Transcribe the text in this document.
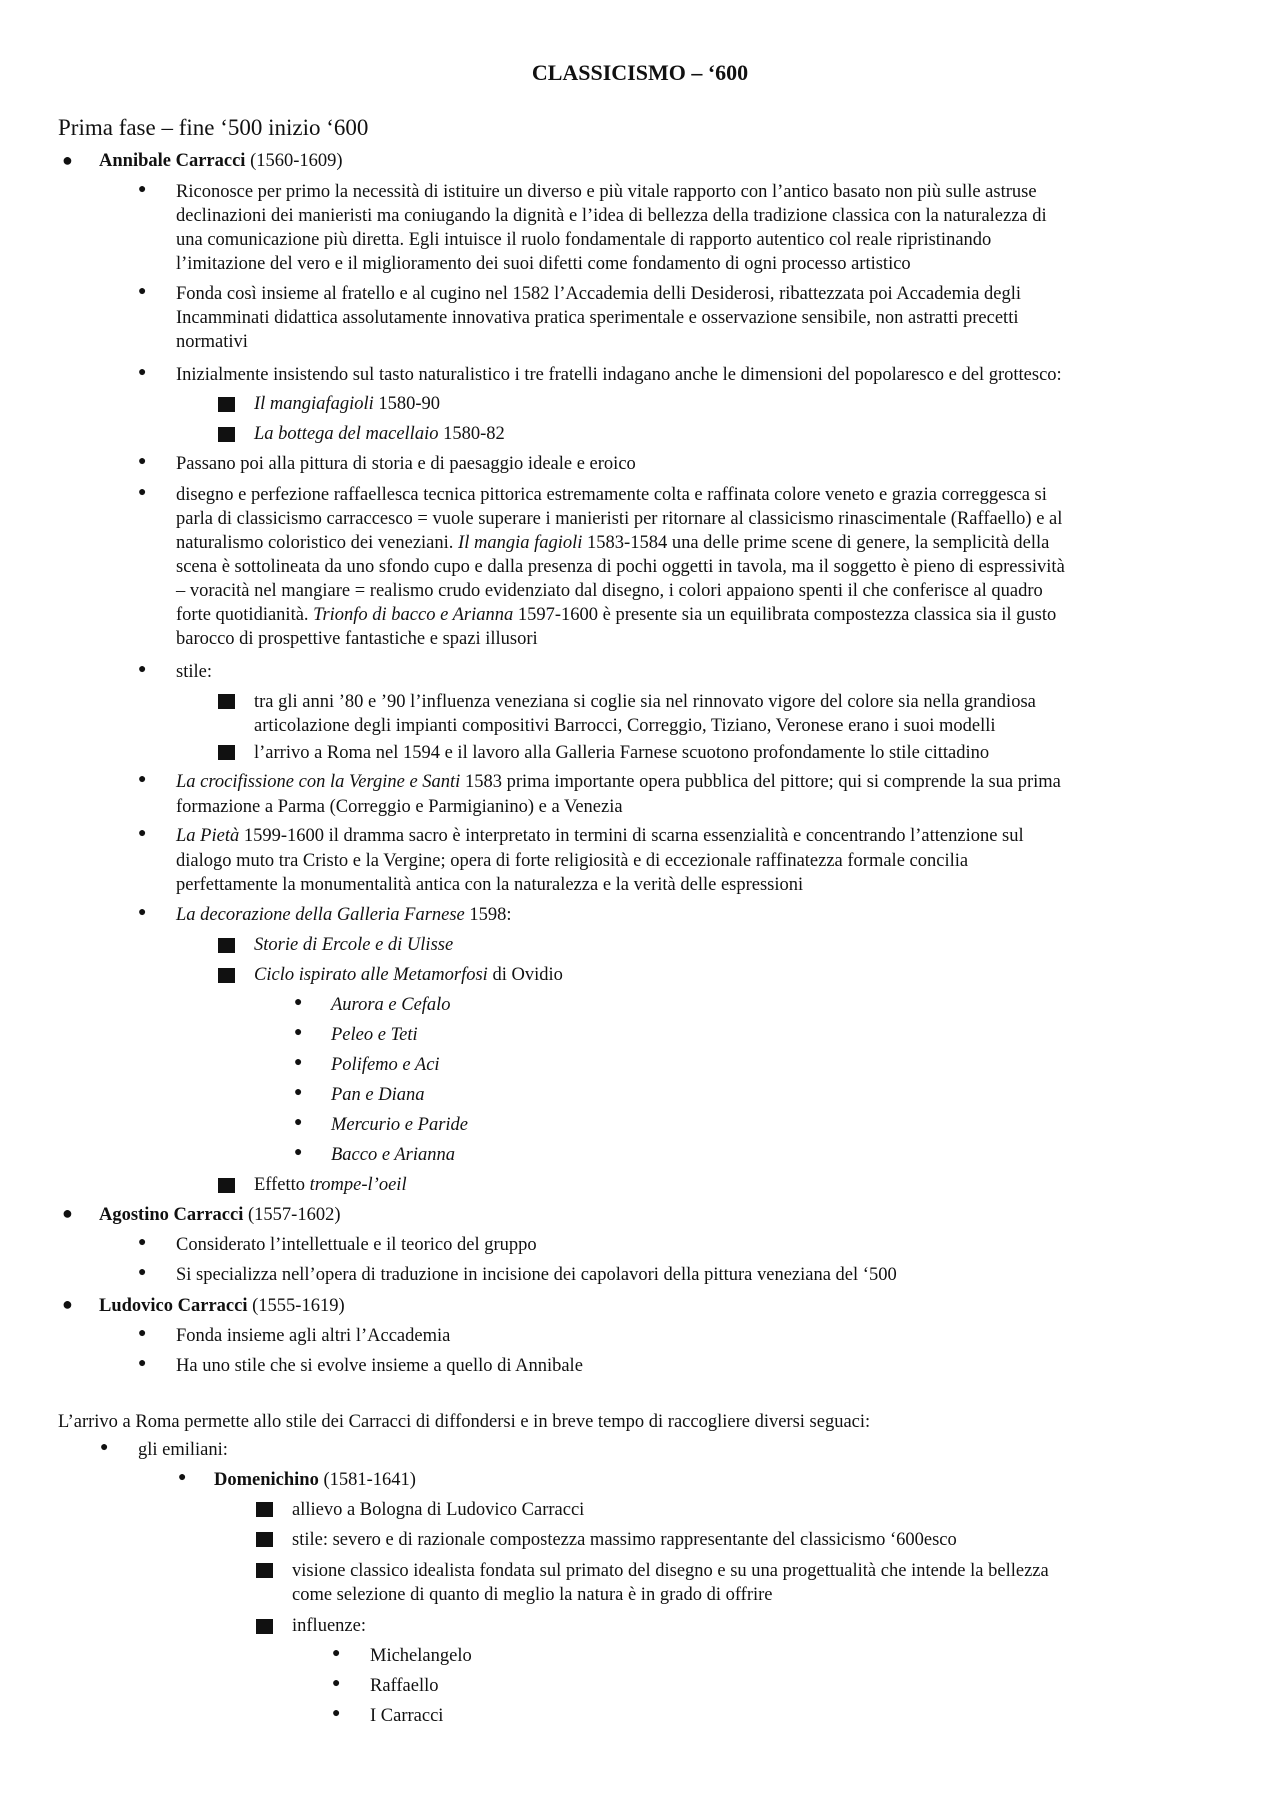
CLASSICISMO – ‘600
Prima fase – fine ‘500 inizio ‘600
● Annibale Carracci (1560-1609)
● Riconosce per primo la necessità di istituire un diverso e più vitale rapporto con l’antico basato non più sulle astruse

declinazioni dei manieristi ma coniugando la dignità e l’idea di bellezza della tradizione classica con la naturalezza di

una comunicazione più diretta. Egli intuisce il ruolo fondamentale di rapporto autentico col reale ripristinando

l’imitazione del vero e il miglioramento dei suoi difetti come fondamento di ogni processo artistico

● Fonda così insieme al fratello e al cugino nel 1582 l’Accademia delli Desiderosi, ribattezzata poi Accademia degli

Incamminati didattica assolutamente innovativa pratica sperimentale e osservazione sensibile, non astratti precetti

normativi

● Inizialmente insistendo sul tasto naturalistico i tre fratelli indagano anche le dimensioni del popolaresco e del grottesco:

Il mangiafagioli 1580-90
La bottega del macellaio 1580-82
● Passano poi alla pittura di storia e di paesaggio ideale e eroico

● disegno e perfezione raffaellesca tecnica pittorica estremamente colta e raffinata colore veneto e grazia correggesca si

parla di classicismo carraccesco = vuole superare i manieristi per ritornare al classicismo rinascimentale (Raffaello) e al

naturalismo coloristico dei veneziani. Il mangia fagioli 1583-1584 una delle prime scene di genere, la semplicità della

scena è sottolineata da uno sfondo cupo e dalla presenza di pochi oggetti in tavola, ma il soggetto è pieno di espressività

– voracità nel mangiare = realismo crudo evidenziato dal disegno, i colori appaiono spenti il che conferisce al quadro

forte quotidianità. Trionfo di bacco e Arianna 1597-1600 è presente sia un equilibrata compostezza classica sia il gusto

barocco di prospettive fantastiche e spazi illusori

● stile:

tra gli anni ’80 e ’90 l’influenza veneziana si coglie sia nel rinnovato vigore del colore sia nella grandiosa

articolazione degli impianti compositivi Barrocci, Correggio, Tiziano, Veronese erano i suoi modelli

l’arrivo a Roma nel 1594 e il lavoro alla Galleria Farnese scuotono profondamente lo stile cittadino

● La crocifissione con la Vergine e Santi 1583 prima importante opera pubblica del pittore; qui si comprende la sua prima

formazione a Parma (Correggio e Parmigianino) e a Venezia

● La Pietà 1599-1600 il dramma sacro è interpretato in termini di scarna essenzialità e concentrando l’attenzione sul

dialogo muto tra Cristo e la Vergine; opera di forte religiosità e di eccezionale raffinatezza formale concilia

perfettamente la monumentalità antica con la naturalezza e la verità delle espressioni

● La decorazione della Galleria Farnese 1598:

Storie di Ercole e di Ulisse

Ciclo ispirato alle Metamorfosi di Ovidio

● Aurora e Cefalo

● Peleo e Teti

● Polifemo e Aci

● Pan e Diana

● Mercurio e Paride

● Bacco e Arianna

Effetto trompe-l’oeil

● Agostino Carracci (1557-1602)

● Considerato l’intellettuale e il teorico del gruppo

● Si specializza nell’opera di traduzione in incisione dei capolavori della pittura veneziana del ‘500

● Ludovico Carracci (1555-1619)

● Fonda insieme agli altri l’Accademia

● Ha uno stile che si evolve insieme a quello di Annibale

L’arrivo a Roma permette allo stile dei Carracci di diffondersi e in breve tempo di raccogliere diversi seguaci:

● gli emiliani:

● Domenichino (1581-1641)

allievo a Bologna di Ludovico Carracci

stile: severo e di razionale compostezza massimo rappresentante del classicismo ‘600esco

visione classico idealista fondata sul primato del disegno e su una progettualità che intende la bellezza

come selezione di quanto di meglio la natura è in grado di offrire

influenze:

● Michelangelo

● Raffaello

● I Carracci
